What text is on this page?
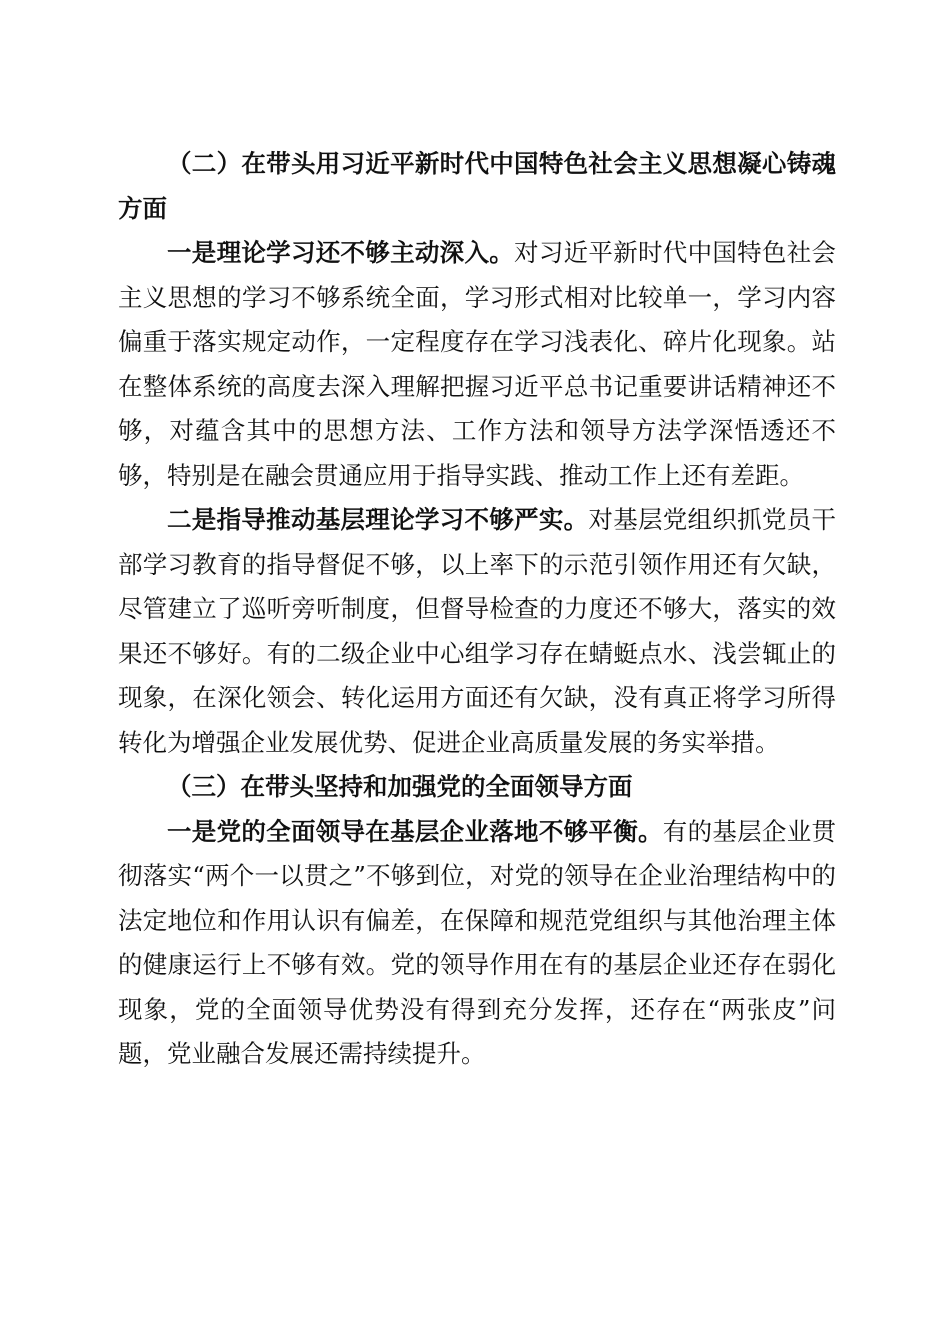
（二）在带头用习近平新时代中国特色社会主义思想凝心铸魂方面

一是理论学习还不够主动深入。对习近平新时代中国特色社会主义思想的学习不够系统全面，学习形式相对比较单一，学习内容偏重于落实规定动作，一定程度存在学习浅表化、碎片化现象。站在整体系统的高度去深入理解把握习近平总书记重要讲话精神还不够，对蕴含其中的思想方法、工作方法和领导方法学深悟透还不够，特别是在融会贯通应用于指导实践、推动工作上还有差距。

二是指导推动基层理论学习不够严实。对基层党组织抓党员干部学习教育的指导督促不够，以上率下的示范引领作用还有欠缺，尽管建立了巡听旁听制度，但督导检查的力度还不够大，落实的效果还不够好。有的二级企业中心组学习存在蜻蜓点水、浅尝辄止的现象，在深化领会、转化运用方面还有欠缺，没有真正将学习所得转化为增强企业发展优势、促进企业高质量发展的务实举措。

（三）在带头坚持和加强党的全面领导方面

一是党的全面领导在基层企业落地不够平衡。有的基层企业贯彻落实“两个一以贯之”不够到位，对党的领导在企业治理结构中的法定地位和作用认识有偏差，在保障和规范党组织与其他治理主体的健康运行上不够有效。党的领导作用在有的基层企业还存在弱化现象，党的全面领导优势没有得到充分发挥，还存在“两张皮”问题，党业融合发展还需持续提升。
